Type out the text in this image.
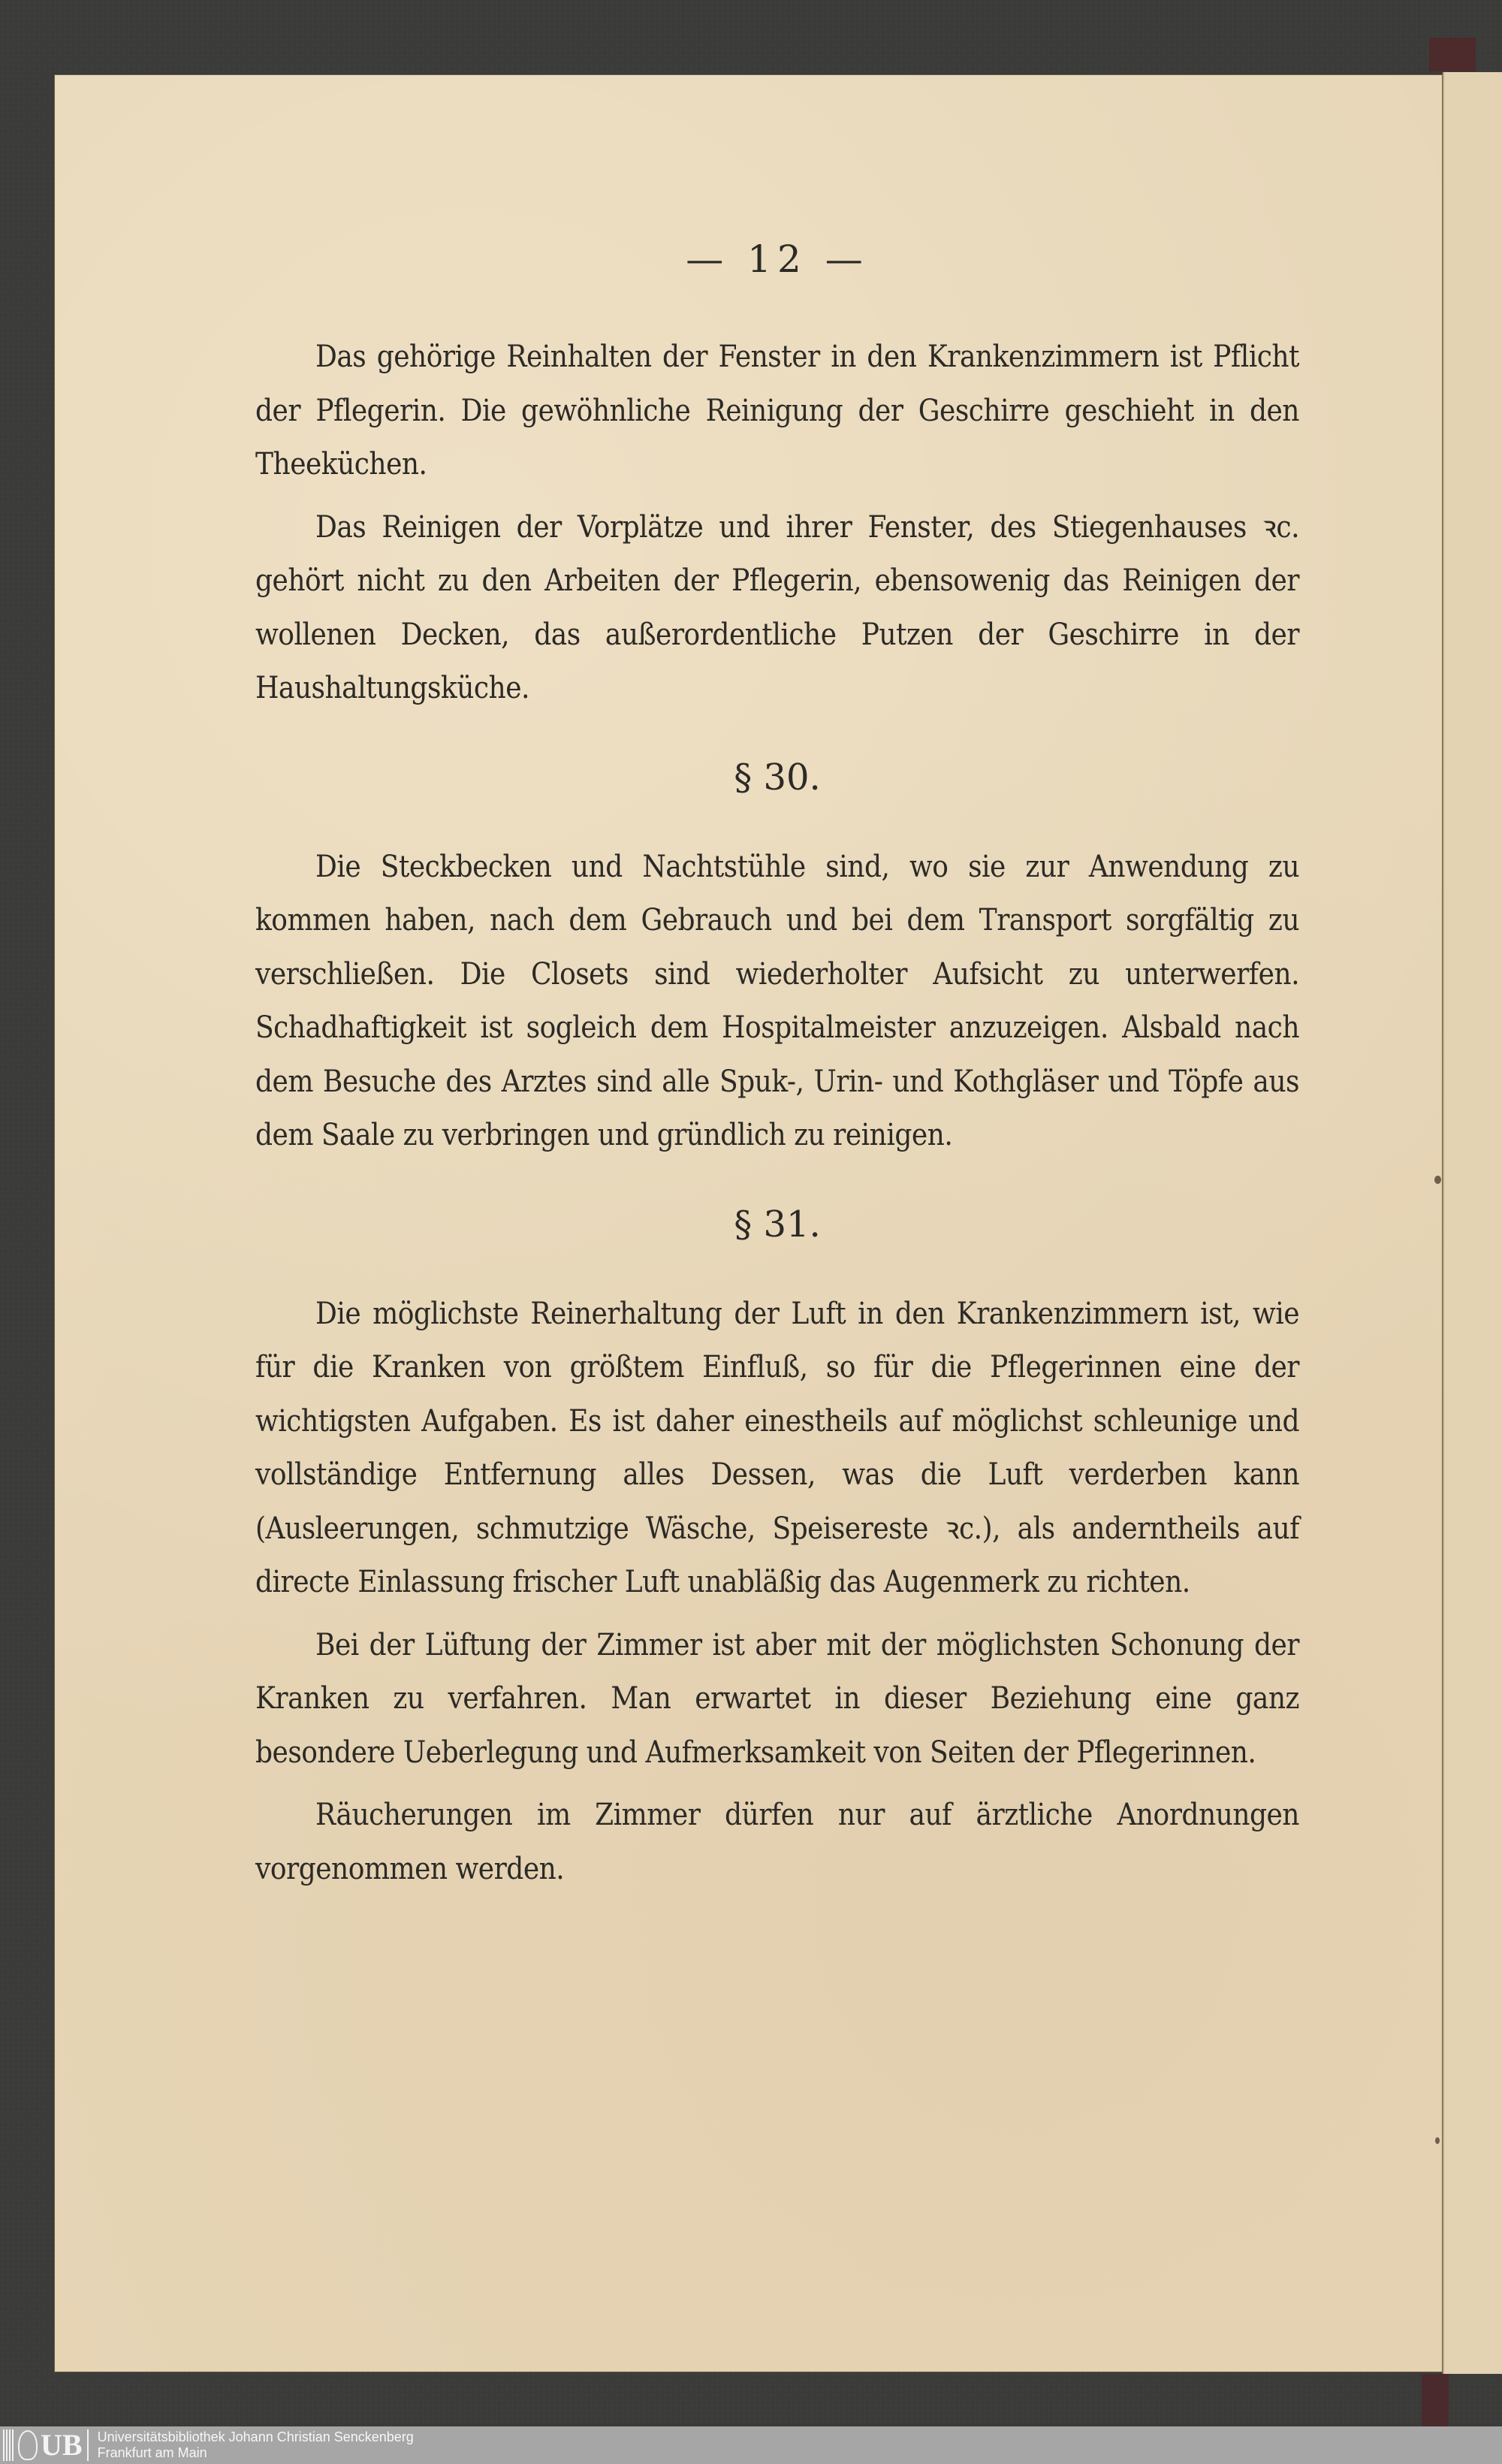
— 12 —

Das gehörige Reinhalten der Fenster in den Krankenzimmern ist Pflicht der Pflegerin. Die gewöhnliche Reinigung der Geschirre geschieht in den Theeküchen.

Das Reinigen der Vorplätze und ihrer Fenster, des Stiegenhauses ꝛc. gehört nicht zu den Arbeiten der Pflegerin, ebensowenig das Reinigen der wollenen Decken, das außerordentliche Putzen der Geschirre in der Haushaltungsküche.

§ 30.

Die Steckbecken und Nachtstühle sind, wo sie zur Anwendung zu kommen haben, nach dem Gebrauch und bei dem Transport sorgfältig zu verschließen. Die Closets sind wiederholter Aufsicht zu unterwerfen. Schadhaftigkeit ist sogleich dem Hospitalmeister anzuzeigen. Alsbald nach dem Besuche des Arztes sind alle Spuk-, Urin- und Kothgläser und Töpfe aus dem Saale zu verbringen und gründlich zu reinigen.

§ 31.

Die möglichste Reinerhaltung der Luft in den Krankenzimmern ist, wie für die Kranken von größtem Einfluß, so für die Pflegerinnen eine der wichtigsten Aufgaben. Es ist daher einestheils auf möglichst schleunige und vollständige Entfernung alles Dessen, was die Luft verderben kann (Ausleerungen, schmutzige Wäsche, Speisereste ꝛc.), als anderntheils auf directe Einlassung frischer Luft unabläßig das Augenmerk zu richten.

Bei der Lüftung der Zimmer ist aber mit der möglichsten Schonung der Kranken zu verfahren. Man erwartet in dieser Beziehung eine ganz besondere Ueberlegung und Aufmerksamkeit von Seiten der Pflegerinnen.

Räucherungen im Zimmer dürfen nur auf ärztliche Anordnungen vorgenommen werden.

UB Universitätsbibliothek Johann Christian Senckenberg
Frankfurt am Main
